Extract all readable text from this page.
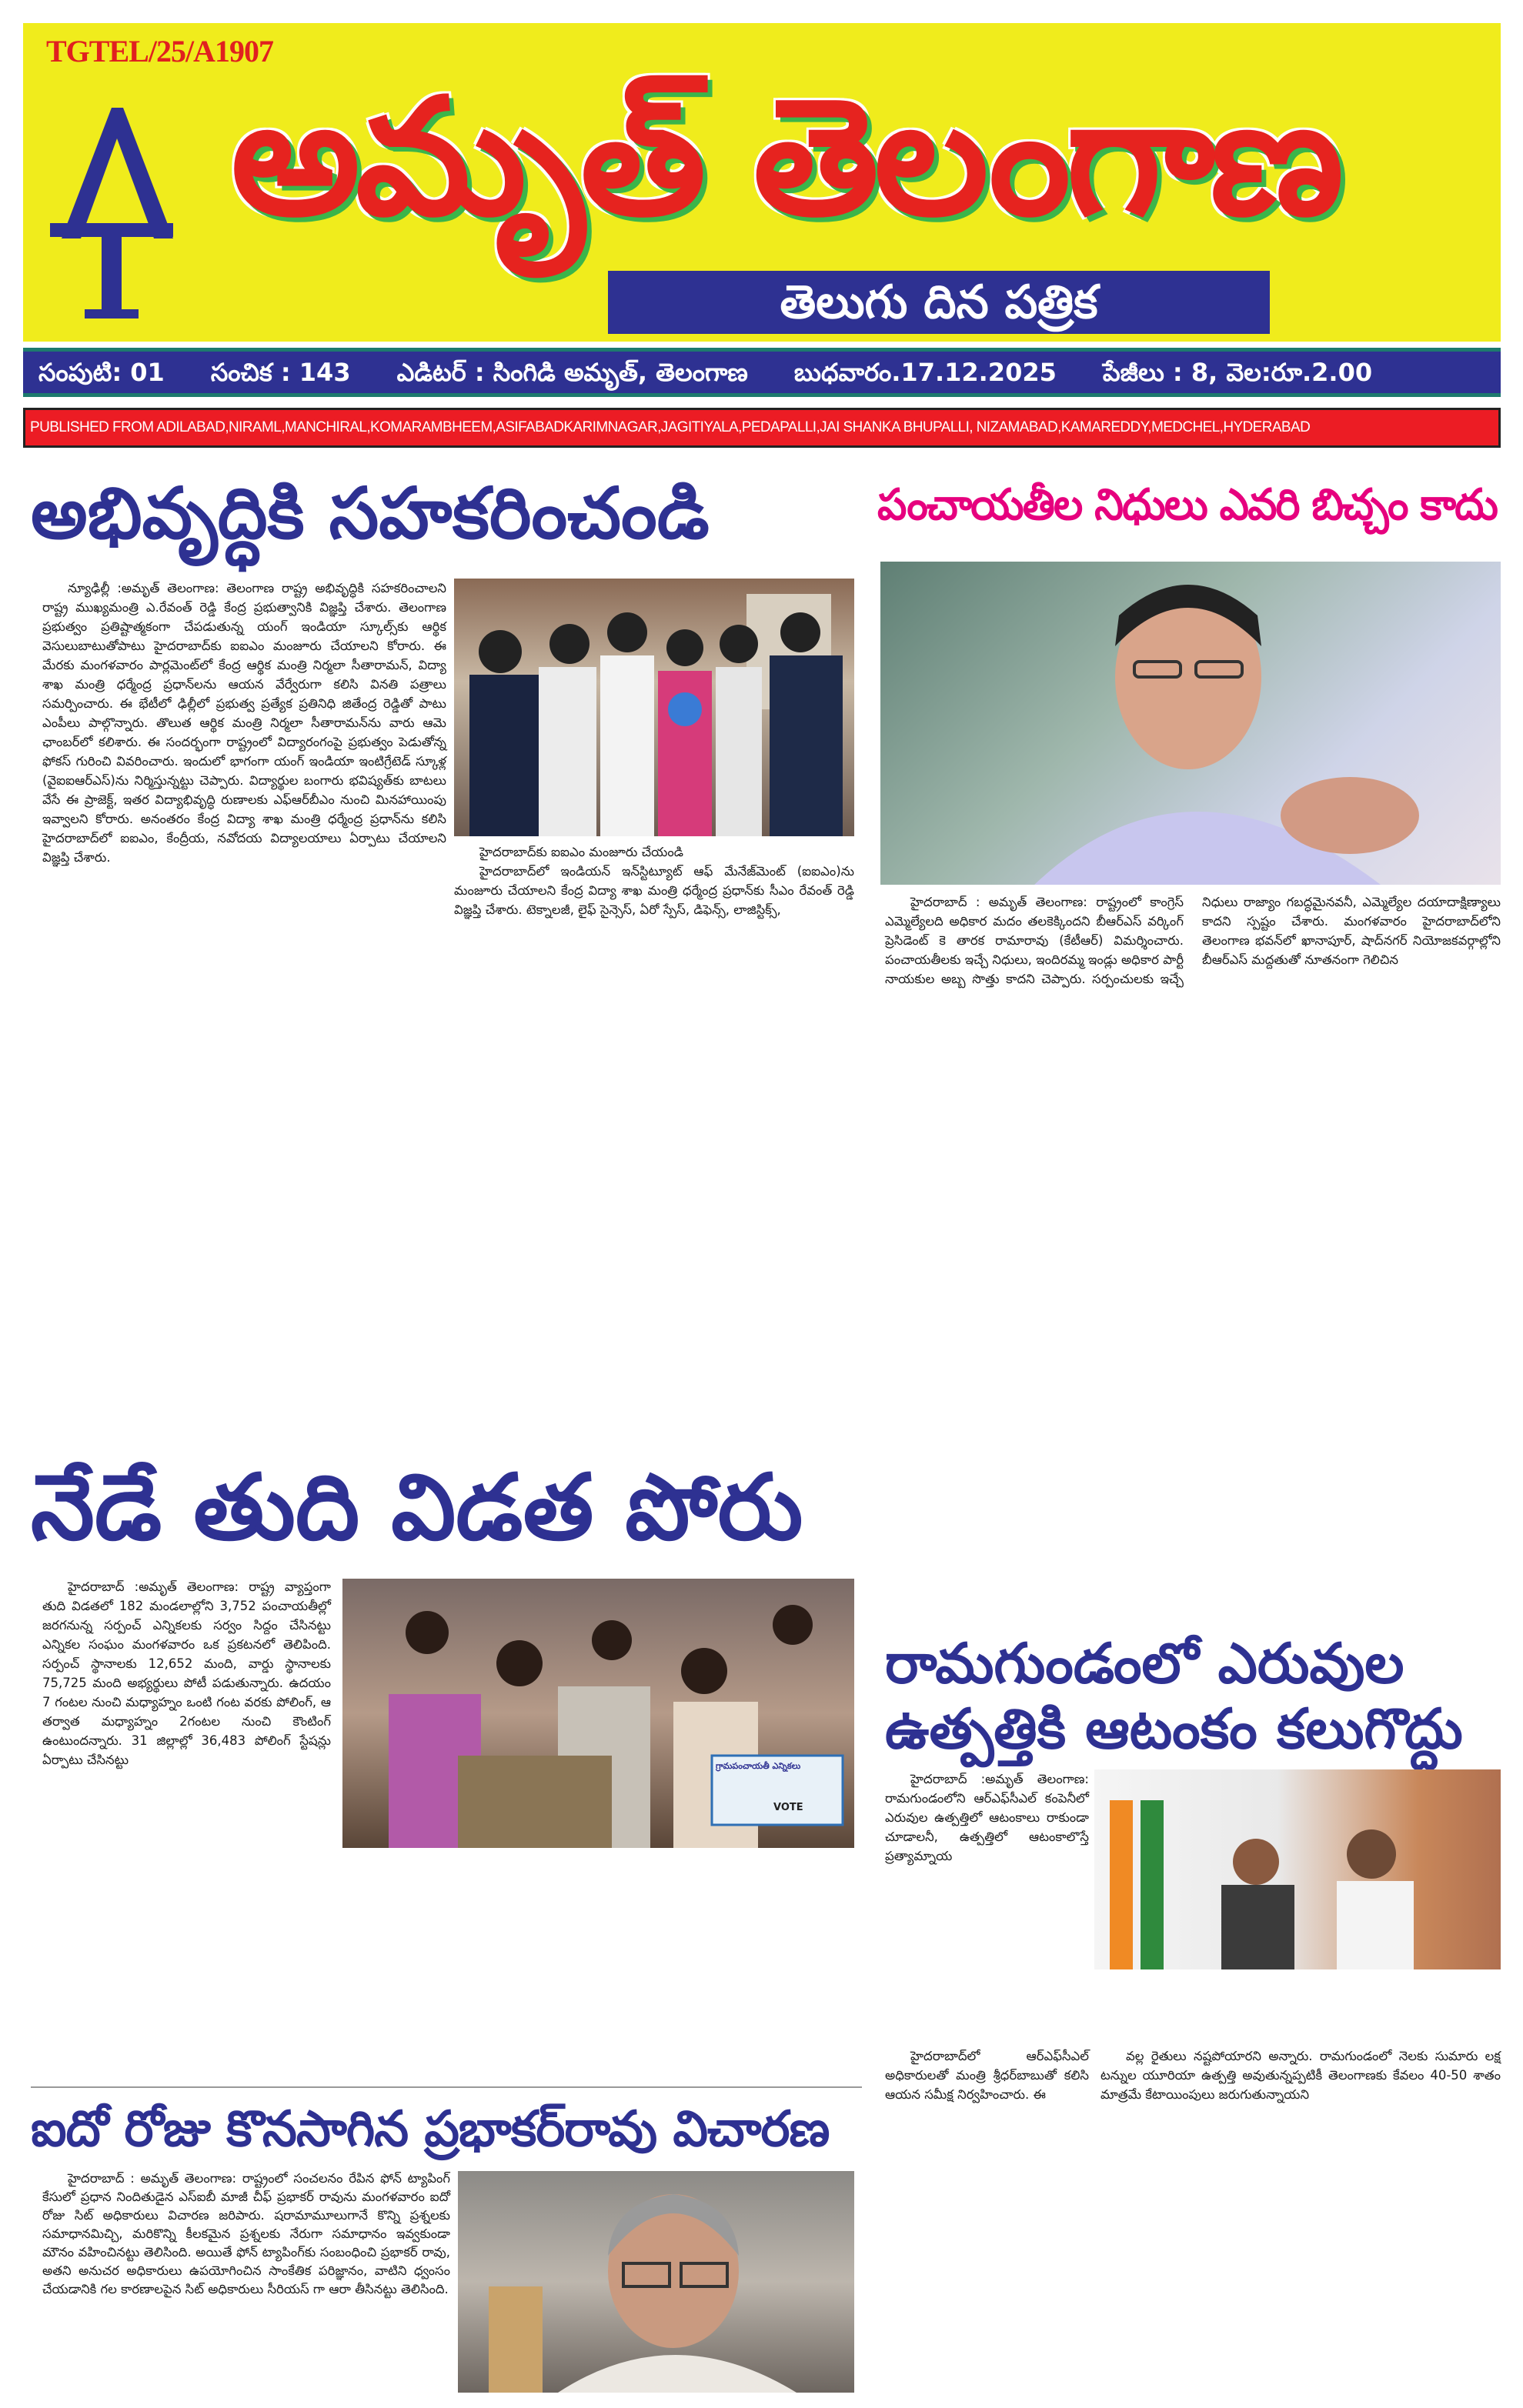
TGTEL/25/A1907
అమృత్ తెలంగాణ
తెలుగు దిన పత్రిక
సంపుటి: 01 సంచిక : 143 ఎడిటర్ : సింగిడి అమృత్, తెలంగాణ బుధవారం.17.12.2025 పేజీలు : 8, వెల:రూ.2.00
PUBLISHED FROM ADILABAD,NIRAML,MANCHIRAL,KOMARAMBHEEM,ASIFABADKARIMNAGAR,JAGITIYALA,PEDAPALLI,JAI SHANKA BHUPALLI, NIZAMABAD,KAMAREDDY,MEDCHEL,HYDERABAD
అభివృద్ధికి సహకరించండి

న్యూఢిల్లీ :అమృత్ తెలంగాణ: తెలంగాణ రాష్ట్ర అభివృద్ధికి సహకరించాలని రాష్ట్ర ముఖ్యమంత్రి ఎ.రేవంత్ రెడ్డి కేంద్ర ప్రభుత్వానికి విజ్ఞప్తి చేశారు. తెలంగాణ ప్రభుత్వం ప్రతిష్టాత్మకంగా చేపడుతున్న యంగ్ ఇండియా స్కూల్స్‌కు ఆర్థిక వెసులుబాటుతోపాటు హైదరాబాద్‌కు ఐఐఎం మంజూరు చేయాలని కోరారు. ఈ మేరకు మంగళవారం పార్లమెంట్‌లో కేంద్ర ఆర్థిక మంత్రి నిర్మలా సీతారామన్, విద్యా శాఖ మంత్రి ధర్మేంద్ర ప్రధాన్‌లను ఆయన వేర్వేరుగా కలిసి వినతి పత్రాలు సమర్పించారు. ఈ భేటీలో ఢిల్లీలో ప్రభుత్వ ప్రత్యేక ప్రతినిధి జితేంద్ర రెడ్డితో పాటు ఎంపీలు పాల్గొన్నారు. తొలుత ఆర్థిక మంత్రి నిర్మలా సీతారామన్‌ను వారు ఆమె ఛాంబర్‌లో కలిశారు. ఈ సందర్భంగా రాష్ట్రంలో విద్యారంగంపై ప్రభుత్వం పెడుతోన్న ఫోకస్ గురించి వివరించారు. ఇందులో భాగంగా యంగ్ ఇండియా ఇంటిగ్రేటెడ్ స్కూళ్ల (వైఐఐఆర్ఎస్)ను నిర్మిస్తున్నట్టు చెప్పారు. విద్యార్థుల బంగారు భవిష్యత్‌కు బాటలు వేసే ఈ ప్రాజెక్ట్, ఇతర విద్యాభివృద్ధి రుణాలకు ఎఫ్ఆర్‌బీఎం నుంచి మినహాయింపు ఇవ్వాలని కోరారు. అనంతరం కేంద్ర విద్యా శాఖ మంత్రి ధర్మేంద్ర ప్రధాన్‌ను కలిసి హైదరాబాద్‌లో ఐఐఎం, కేంద్రీయ, నవోదయ విద్యాలయాలు ఏర్పాటు చేయాలని విజ్ఞప్తి చేశారు.	హైదరాబాద్‌కు ఐఐఎం మంజూరు చేయండి

హైదరాబాద్‌లో ఇండియన్ ఇన్‌స్టిట్యూట్ ఆఫ్ మేనేజ్‌మెంట్ (ఐఐఎం)ను మంజూరు చేయాలని కేంద్ర విద్యా శాఖ మంత్రి ధర్మేంద్ర ప్రధాన్‌కు సీఎం రేవంత్ రెడ్డి విజ్ఞప్తి చేశారు. టెక్నాలజీ, లైఫ్ సైన్సెస్, ఏరో స్పేస్, డిఫెన్స్, లాజిస్టిక్స్,

పంచాయతీల నిధులు ఎవరి బిచ్చం కాదు

హైదరాబాద్ : అమృత్ తెలంగాణ: రాష్ట్రంలో కాంగ్రెస్ ఎమ్మెల్యేలది అధికార మదం తలకెక్కిందని బీఆర్ఎస్ వర్కింగ్ ప్రెసిడెంట్ కె తారక రామారావు (కేటీఆర్) విమర్శించారు. పంచాయతీలకు ఇచ్చే నిధులు, ఇందిరమ్మ ఇండ్లు అధికార పార్టీ నాయకుల అబ్బ సొత్తు కాదని చెప్పారు. సర్పంచులకు ఇచ్చే నిధులు రాజ్యాం గబద్ధమైనవనీ, ఎమ్మెల్యేల దయాదాక్షిణ్యాలు కాదని స్పష్టం చేశారు. మంగళవారం హైదరాబాద్‌లోని తెలంగాణ భవన్‌లో ఖానాపూర్, షాద్‌నగర్ నియోజకవర్గాల్లోని బీఆర్ఎస్ మద్దతుతో నూతనంగా గెలిచిన

నేడే తుది విడత పోరు

హైదరాబాద్ :అమృత్ తెలంగాణ: రాష్ట్ర వ్యాప్తంగా తుది విడతలో 182 మండలాల్లోని 3,752 పంచాయతీల్లో జరగనున్న సర్పంచ్ ఎన్నికలకు సర్వం సిద్దం చేసినట్టు ఎన్నికల సంఘం మంగళవారం ఒక ప్రకటనలో తెలిపింది. సర్పంచ్ స్థానాలకు 12,652 మంది, వార్డు స్థానాలకు 75,725 మంది అభ్యర్థులు పోటీ పడుతున్నారు. ఉదయం 7 గంటల నుంచి మధ్యాహ్నం ఒంటి గంట వరకు పోలింగ్, ఆ తర్వాత మధ్యాహ్నం 2గంటల నుంచి కౌంటింగ్ ఉంటుందన్నారు. 31 జిల్లాల్లో 36,483 పోలింగ్ స్టేషన్లు ఏర్పాటు చేసినట్టు	గ్రామపంచాయతీ ఎన్నికలు
VOTE
రామగుండంలో ఎరువుల
ఉత్పత్తికి ఆటంకం కలుగొద్దు

హైదరాబాద్ :అమృత్ తెలంగాణ: రామగుండంలోని ఆర్ఎఫ్‌సీఎల్ కంపెనీలో ఎరువుల ఉత్పత్తిలో ఆటంకాలు రాకుండా చూడాలనీ, ఉత్పత్తిలో ఆటంకాలొస్తే ప్రత్యామ్నాయ

హైదరాబాద్‌లో ఆర్ఎఫ్‌సీఎల్ అధికారులతో మంత్రి శ్రీధర్‌బాబుతో కలిసి ఆయన సమీక్ష నిర్వహించారు. ఈ

వల్ల రైతులు నష్టపోయారని అన్నారు. రామగుండంలో నెలకు సుమారు లక్ష టన్నుల యూరియా ఉత్పత్తి అవుతున్నప్పటికీ తెలంగాణకు కేవలం 40-50 శాతం మాత్రమే కేటాయింపులు జరుగుతున్నాయని

ఐదో రోజు కొనసాగిన ప్రభాకర్‌రావు విచారణ

హైదరాబాద్ : అమృత్ తెలంగాణ: రాష్ట్రంలో సంచలనం రేపిన ఫోన్ ట్యాపింగ్ కేసులో ప్రధాన నిందితుడైన ఎస్ఐబీ మాజీ చీఫ్ ప్రభాకర్ రావును మంగళవారం ఐదో రోజు సిట్ అధికారులు విచారణ జరిపారు. షరామామూలుగానే కొన్ని ప్రశ్నలకు సమాధానమిచ్చి, మరికొన్ని కీలకమైన ప్రశ్నలకు నేరుగా సమాధానం ఇవ్వకుండా మౌనం వహించినట్టు తెలిసింది. అయితే ఫోన్ ట్యాపింగ్‌కు సంబంధించి ప్రభాకర్ రావు, అతని అనుచర అధికారులు ఉపయోగించిన సాంకేతిక పరిజ్ఞానం, వాటిని ధ్వంసం చేయడానికి గల కారణాలపైన సిట్ అధికారులు సీరియస్ గా ఆరా తీసినట్టు తెలిసింది.
